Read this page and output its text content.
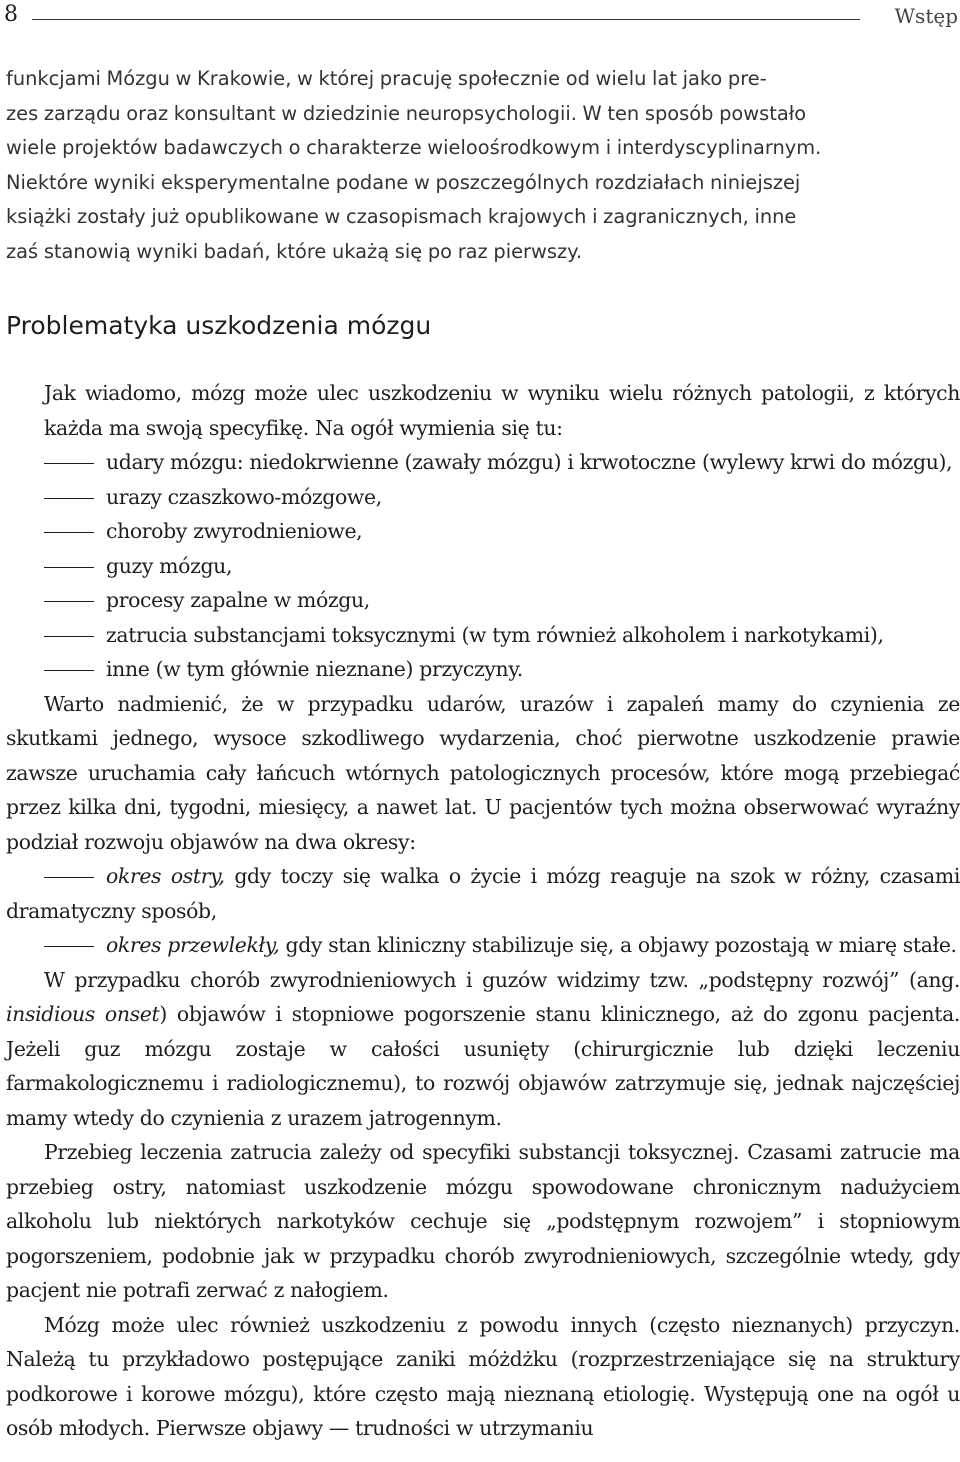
8	Wstęp

funkcjami Mózgu w Krakowie, w której pracuję społecznie od wielu lat jako pre-
zes zarządu oraz konsultant w dziedzinie neuropsychologii. W ten sposób powstało
wiele projektów badawczych o charakterze wieloośrodkowym i interdyscyplinarnym.
Niektóre wyniki eksperymentalne podane w poszczególnych rozdziałach niniejszej
książki zostały już opublikowane w czasopismach krajowych i zagranicznych, inne
zaś stanowią wyniki badań, które ukażą się po raz pierwszy.

Problematyka uszkodzenia mózgu

Jak wiadomo, mózg może ulec uszkodzeniu w wyniku wielu różnych patologii, z których każda ma swoją specyfikę. Na ogół wymienia się tu:

udary mózgu: niedokrwienne (zawały mózgu) i krwotoczne (wylewy krwi do mózgu),
urazy czaszkowo-mózgowe,
choroby zwyrodnieniowe,
guzy mózgu,
procesy zapalne w mózgu,
zatrucia substancjami toksycznymi (w tym również alkoholem i narkotykami),
inne (w tym głównie nieznane) przyczyny.

Warto nadmienić, że w przypadku udarów, urazów i zapaleń mamy do czynienia ze skutkami jednego, wysoce szkodliwego wydarzenia, choć pierwotne uszkodzenie prawie zawsze uruchamia cały łańcuch wtórnych patologicznych procesów, które mogą przebiegać przez kilka dni, tygodni, miesięcy, a nawet lat. U pacjentów tych można obserwować wyraźny podział rozwoju objawów na dwa okresy:

okres ostry, gdy toczy się walka o życie i mózg reaguje na szok w różny, czasami dramatyczny sposób,
okres przewlekły, gdy stan kliniczny stabilizuje się, a objawy pozostają w miarę stałe.

W przypadku chorób zwyrodnieniowych i guzów widzimy tzw. „podstępny rozwój” (ang. insidious onset) objawów i stopniowe pogorszenie stanu klinicznego, aż do zgonu pacjenta. Jeżeli guz mózgu zostaje w całości usunięty (chirurgicznie lub dzięki leczeniu farmakologicznemu i radiologicznemu), to rozwój objawów zatrzymuje się, jednak najczęściej mamy wtedy do czynienia z urazem jatrogennym.

Przebieg leczenia zatrucia zależy od specyfiki substancji toksycznej. Czasami zatrucie ma przebieg ostry, natomiast uszkodzenie mózgu spowodowane chronicznym nadużyciem alkoholu lub niektórych narkotyków cechuje się „podstępnym rozwojem” i stopniowym pogorszeniem, podobnie jak w przypadku chorób zwyrodnieniowych, szczególnie wtedy, gdy pacjent nie potrafi zerwać z nałogiem.

Mózg może ulec również uszkodzeniu z powodu innych (często nieznanych) przyczyn. Należą tu przykładowo postępujące zaniki móżdżku (rozprzestrzeniające się na struktury podkorowe i korowe mózgu), które często mają nieznaną etiologię. Występują one na ogół u osób młodych. Pierwsze objawy — trudności w utrzymaniu
